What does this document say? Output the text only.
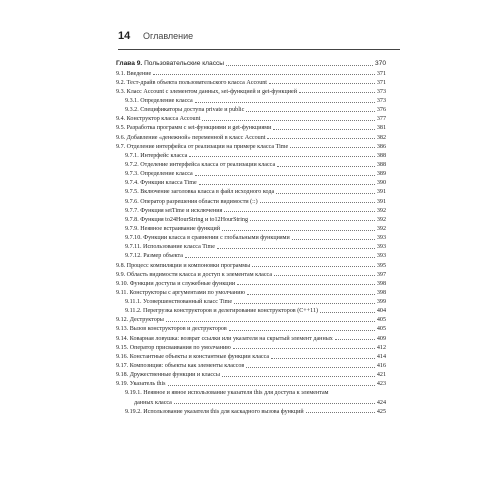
14 Оглавление
Глава 9. Пользовательские классы	370
9.1. Введение	371
9.2. Тест-драйв объекта пользовательского класса Account	371
9.3. Класс Account с элементом данных, set-функцией и get-функцией	373
9.3.1. Определение класса	373
9.3.2. Спецификаторы доступа private и public	376
9.4. Конструктор класса Account	377
9.5. Разработка программ с set-функциями и get-функциями	381
9.6. Добавление «денежной» переменной в класс Account	382
9.7. Отделение интерфейса от реализации на примере класса Time	386
9.7.1. Интерфейс класса	388
9.7.2. Отделение интерфейса класса от реализации класса	388
9.7.3. Определение класса	389
9.7.4. Функции класса Time	390
9.7.5. Включение заголовка класса в файл исходного кода	391
9.7.6. Оператор разрешения области видимости (::)	391
9.7.7. Функция setTime и исключения	392
9.7.8. Функция to24HourString и to12HourString	392
9.7.9. Неявное встраивание функций	392
9.7.10. Функции класса в сравнении с глобальными функциями	393
9.7.11. Использование класса Time	393
9.7.12. Размер объекта	393
9.8. Процесс компиляции и компоновки программы	395
9.9. Область видимости класса и доступ к элементам класса	397
9.10. Функции доступа и служебные функции	398
9.11. Конструкторы с аргументами по умолчанию	398
9.11.1. Усовершенствованный класс Time	399
9.11.2. Перегрузка конструкторов и делегирование конструкторов (C++11)	404
9.12. Деструкторы	405
9.13. Вызов конструкторов и деструкторов	405
9.14. Коварная ловушка: возврат ссылки или указателя на скрытый элемент данных	409
9.15. Оператор присваивания по умолчанию	412
9.16. Константные объекты и константные функции класса	414
9.17. Композиция: объекты как элементы классов	416
9.18. Дружественные функции и классы	421
9.19. Указатель this	423
9.19.1. Неявное и явное использование указателя this для доступа к элементам
данных класса	424
9.19.2. Использование указателя this для каскадного вызова функций	425
